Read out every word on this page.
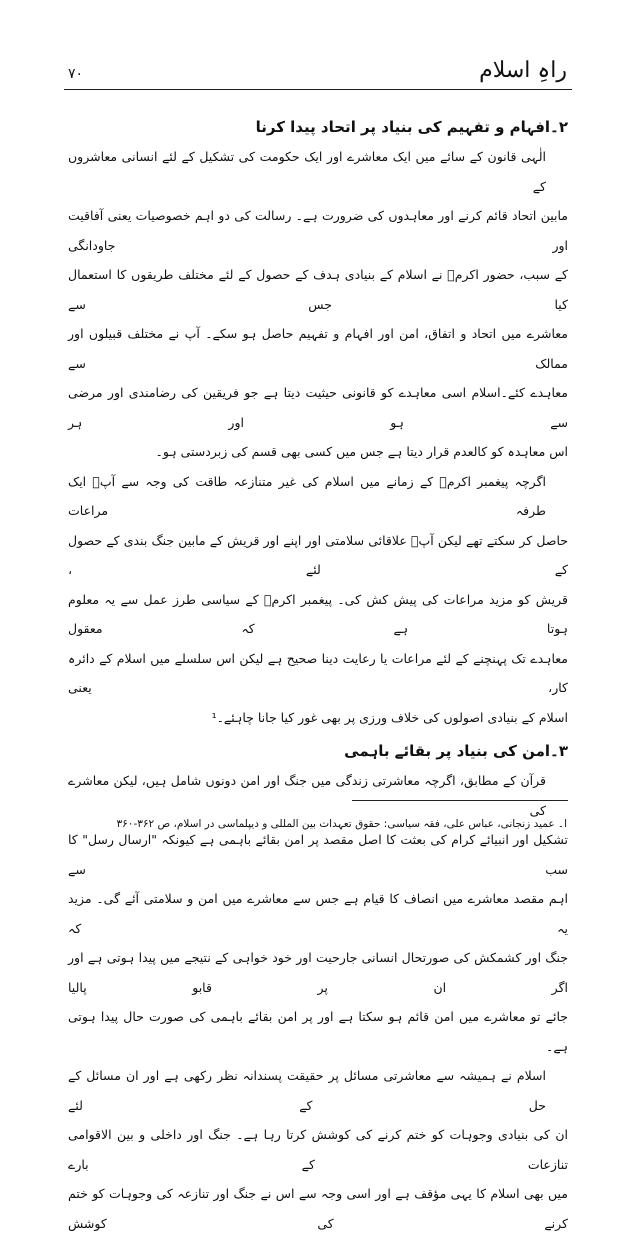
راہِ اسلام
۷۰
۲۔افہام و تفہیم کی بنیاد پر اتحاد پیدا کرنا
الٰہی قانون کے سائے میں ایک معاشرے اور ایک حکومت کی تشکیل کے لئے انسانی معاشروں کے
مابین اتحاد قائم کرنے اور معاہدوں کی ضرورت ہے۔ رسالت کی دو اہم خصوصیات یعنی آفاقیت اور جاودانگی
کے سبب، حضور اکرمؐ نے اسلام کے بنیادی ہدف کے حصول کے لئے مختلف طریقوں کا استعمال کیا جس سے
معاشرے میں اتحاد و اتفاق، امن اور افہام و تفہیم حاصل ہو سکے۔ آپ نے مختلف قبیلوں اور ممالک سے
معاہدے کئے۔اسلام اسی معاہدے کو قانونی حیثیت دیتا ہے جو فریقین کی رضامندی اور مرضی سے ہو اور ہر
اس معاہدہ کو کالعدم قرار دیتا ہے جس میں کسی بھی قسم کی زبردستی ہو۔
اگرچہ پیغمبر اکرمؐ کے زمانے میں اسلام کی غیر متنازعہ طاقت کی وجہ سے آپؐ ایک طرفہ مراعات
حاصل کر سکتے تھے لیکن آپؐ علاقائی سلامتی اور اپنے اور قریش کے مابین جنگ بندی کے حصول کے لئے ،
قریش کو مزید مراعات کی پیش کش کی۔ پیغمبر اکرمؐ کے سیاسی طرز عمل سے یہ معلوم ہوتا ہے کہ معقول
معاہدے تک پہنچنے کے لئے مراعات یا رعایت دینا صحیح ہے لیکن اس سلسلے میں اسلام کے دائرہ کار، یعنی
اسلام کے بنیادی اصولوں کی خلاف ورزی پر بھی غور کیا جانا چاہئے۔¹
۳۔امن کی بنیاد پر بقائے باہمی
قرآن کے مطابق، اگرچہ معاشرتی زندگی میں جنگ اور امن دونوں شامل ہیں، لیکن معاشرے کی
تشکیل اور انبیائے کرام کی بعثت کا اصل مقصد پر امن بقائے باہمی ہے کیونکہ "ارسال رسل" کا سب سے
اہم مقصد معاشرے میں انصاف کا قیام ہے جس سے معاشرے میں امن و سلامتی آئے گی۔ مزید یہ کہ
جنگ اور کشمکش کی صورتحال انسانی جارحیت اور خود خواہی کے نتیجے میں پیدا ہوتی ہے اور اگر ان پر قابو پالیا
جائے تو معاشرے میں امن قائم ہو سکتا ہے اور پر امن بقائے باہمی کی صورت حال پیدا ہوتی ہے۔
اسلام نے ہمیشہ سے معاشرتی مسائل پر حقیقت پسندانہ نظر رکھی ہے اور ان مسائل کے حل کے لئے
ان کی بنیادی وجوہات کو ختم کرنے کی کوشش کرتا رہا ہے۔ جنگ اور داخلی و بین الاقوامی تنازعات کے بارے
میں بھی اسلام کا یہی مؤقف ہے اور اسی وجہ سے اس نے جنگ اور تنازعہ کی وجوہات کو ختم کرنے کی کوشش
ا۔ عمید زنجانی، عباس علی، فقہ سیاسی: حقوق تعہدات بین المللی و دیپلماسی در اسلام، ص ۳۶۲-۳۶۰
